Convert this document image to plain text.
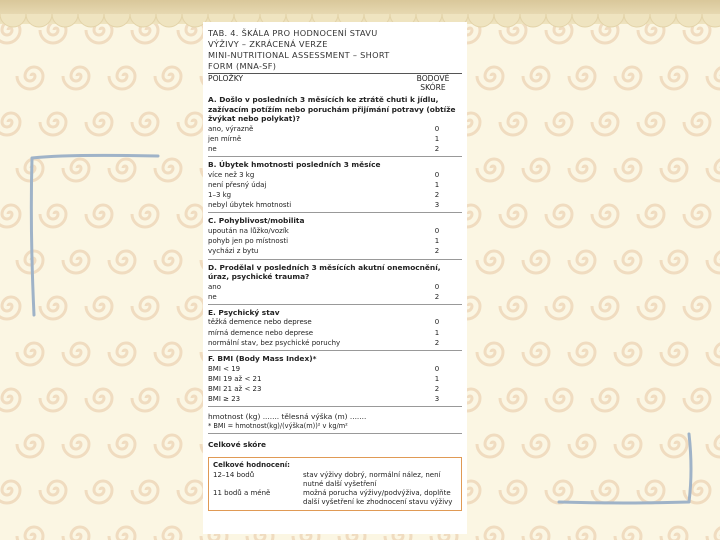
TAB. 4. ŠKÁLA PRO HODNOCENÍ STAVU
VÝŽIVY – ZKRÁCENÁ VERZE
MINI-NUTRITIONAL ASSESSMENT – SHORT
FORM (MNA-SF)
POLOŽKY	BODOVÉ SKÓRE
A. Došlo v posledních 3 měsících ke ztrátě chuti k jídlu, zažívacím potížím nebo poruchám přijímání potravy (obtíže žvýkat nebo polykat)?
ano, výrazně	0
jen mírně	1
ne	2
B. Úbytek hmotnosti posledních 3 měsíce
více než 3 kg	0
není přesný údaj	1
1–3 kg	2
nebyl úbytek hmotnosti	3
C. Pohyblivost/mobilita
upoután na lůžko/vozík	0
pohyb jen po místnosti	1
vycházi z bytu	2
D. Prodělal v posledních 3 měsících akutní onemocnění, úraz, psychické trauma?
ano	0
ne	2
E. Psychický stav
těžká demence nebo deprese	0
mírná demence nebo deprese	1
normální stav, bez psychické poruchy	2
F. BMI (Body Mass Index)*
BMI < 19	0
BMI 19 až < 21	1
BMI 21 až < 23	2
BMI ≥ 23	3
hmotnost (kg) ....... tělesná výška (m) .......
* BMI = hmotnost(kg)/(výška(m))² v kg/m²
Celkové skóre
Celkové hodnocení:
12–14 bodů	stav výživy dobrý, normální nález, není nutné další vyšetření
11 bodů a méně	možná porucha výživy/podvýživa, doplňte další vyšetření ke zhodnocení stavu výživy
